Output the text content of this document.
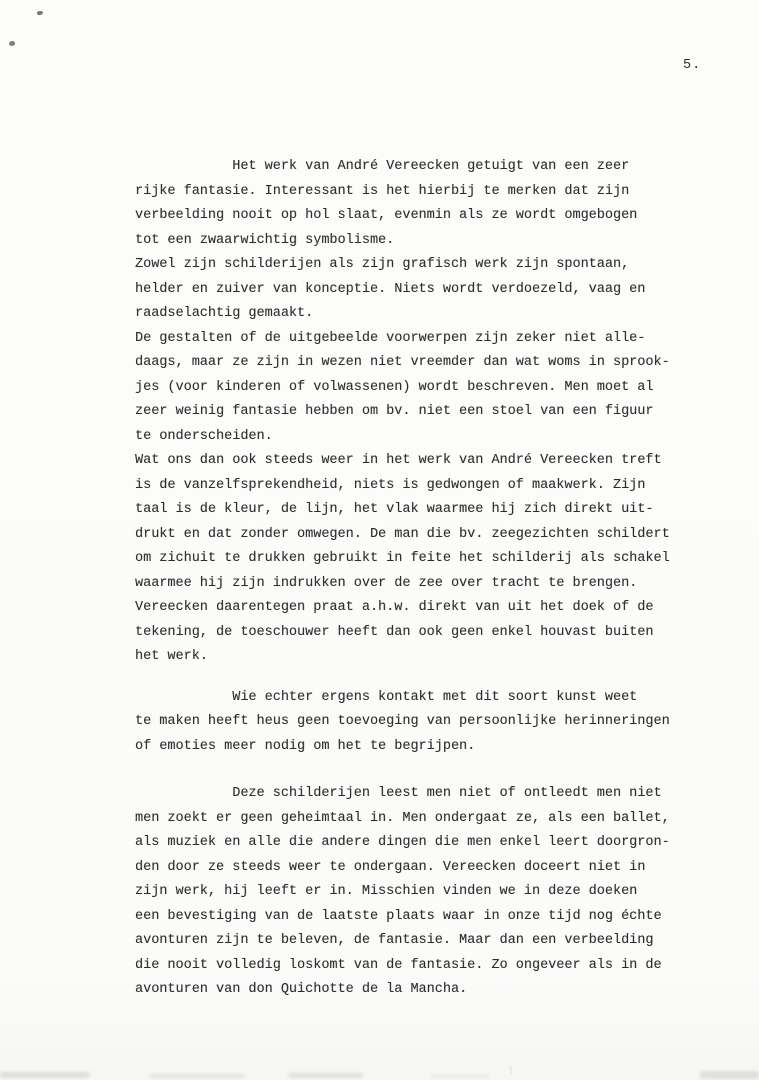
5.
Het werk van André Vereecken getuigt van een zeer
rijke fantasie. Interessant is het hierbij te merken dat zijn
verbeelding nooit op hol slaat, evenmin als ze wordt omgebogen
tot een zwaarwichtig symbolisme.
Zowel zijn schilderijen als zijn grafisch werk zijn spontaan,
helder en zuiver van konceptie. Niets wordt verdoezeld, vaag en
raadselachtig gemaakt.
De gestalten of de uitgebeelde voorwerpen zijn zeker niet alle-
daags, maar ze zijn in wezen niet vreemder dan wat woms in sprook-
jes (voor kinderen of volwassenen) wordt beschreven. Men moet al
zeer weinig fantasie hebben om bv. niet een stoel van een figuur
te onderscheiden.
Wat ons dan ook steeds weer in het werk van André Vereecken treft
is de vanzelfsprekendheid, niets is gedwongen of maakwerk. Zijn
taal is de kleur, de lijn, het vlak waarmee hij zich direkt uit-
drukt en dat zonder omwegen. De man die bv. zeegezichten schildert
om zichuit te drukken gebruikt in feite het schilderij als schakel
waarmee hij zijn indrukken over de zee over tracht te brengen.
Vereecken daarentegen praat a.h.w. direkt van uit het doek of de
tekening, de toeschouwer heeft dan ook geen enkel houvast buiten
het werk.
Wie echter ergens kontakt met dit soort kunst weet
te maken heeft heus geen toevoeging van persoonlijke herinneringen
of emoties meer nodig om het te begrijpen.
Deze schilderijen leest men niet of ontleedt men niet
men zoekt er geen geheimtaal in. Men ondergaat ze, als een ballet,
als muziek en alle die andere dingen die men enkel leert doorgron-
den door ze steeds weer te ondergaan. Vereecken doceert niet in
zijn werk, hij leeft er in. Misschien vinden we in deze doeken
een bevestiging van de laatste plaats waar in onze tijd nog échte
avonturen zijn te beleven, de fantasie. Maar dan een verbeelding
die nooit volledig loskomt van de fantasie. Zo ongeveer als in de
avonturen van don Quichotte de la Mancha.
